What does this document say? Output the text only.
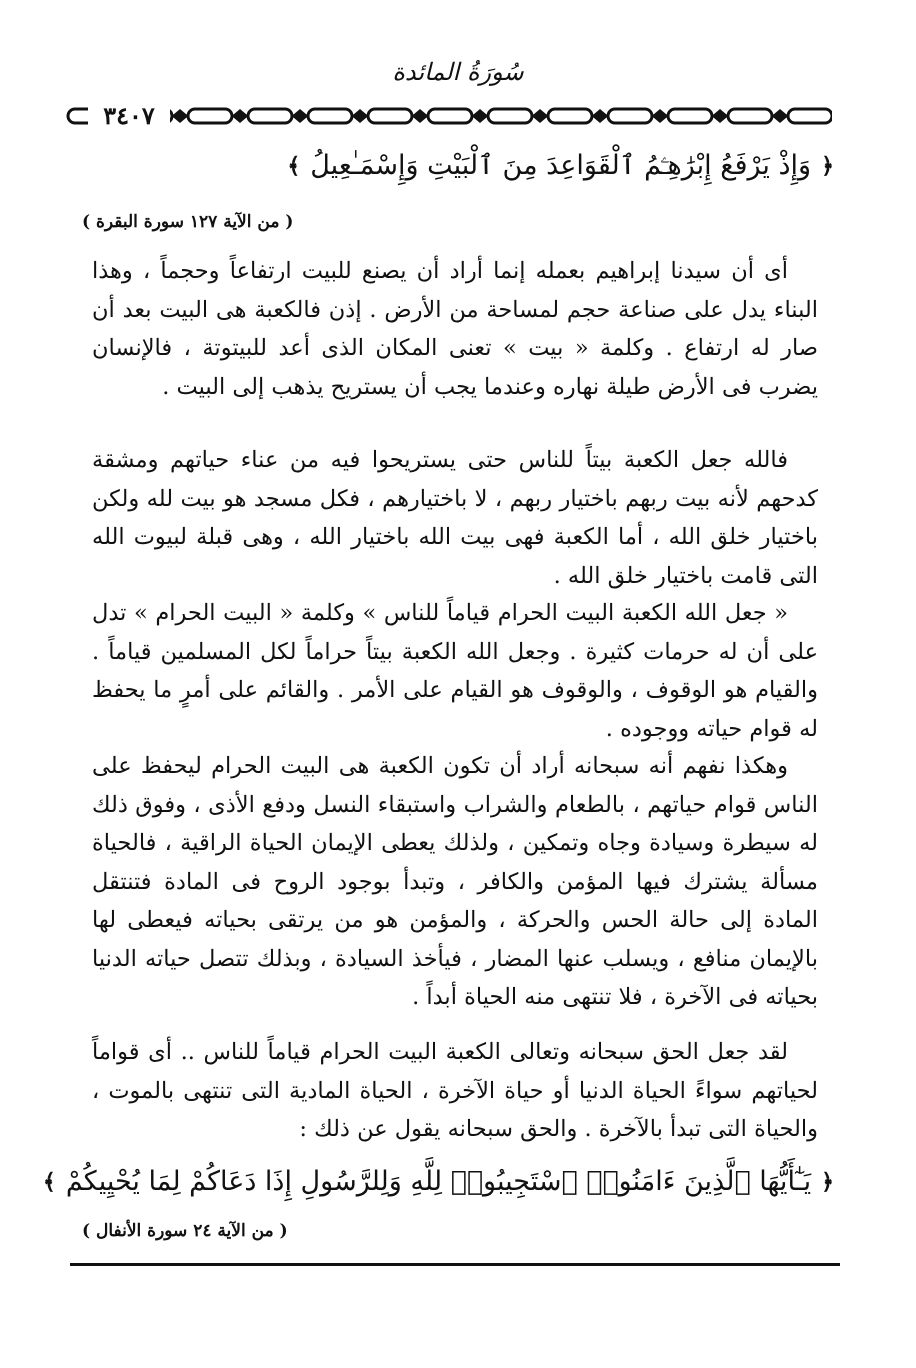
سُورَةُ المائدة
٣٤٠٧
﴿
وَإِذْ يَرْفَعُ إِبْرَٰهِـۧمُ ٱلْقَوَاعِدَ مِنَ ٱلْبَيْتِ وَإِسْمَـٰعِيلُ
﴾
( من الآية ١٢٧ سورة البقرة )

أى أن سيدنا إبراهيم بعمله إنما أراد أن يصنع للبيت ارتفاعاً وحجماً ، وهذا البناء يدل على صناعة حجم لمساحة من الأرض . إذن فالكعبة هى البيت بعد أن صار له ارتفاع . وكلمة « بيت » تعنى المكان الذى أعد للبيتوتة ، فالإنسان يضرب فى الأرض طيلة نهاره وعندما يجب أن يستريح يذهب إلى البيت .

فالله جعل الكعبة بيتاً للناس حتى يستريحوا فيه من عناء حياتهم ومشقة كدحهم لأنه بيت ربهم باختيار ربهم ، لا باختيارهم ، فكل مسجد هو بيت لله ولكن باختيار خلق الله ، أما الكعبة فهى بيت الله باختيار الله ، وهى قبلة لبيوت الله التى قامت باختيار خلق الله .

« جعل الله الكعبة البيت الحرام قياماً للناس » وكلمة « البيت الحرام » تدل على أن له حرمات كثيرة . وجعل الله الكعبة بيتاً حراماً لكل المسلمين قياماً . والقيام هو الوقوف ، والوقوف هو القيام على الأمر . والقائم على أمرٍ ما يحفظ له قوام حياته ووجوده .

وهكذا نفهم أنه سبحانه أراد أن تكون الكعبة هى البيت الحرام ليحفظ على الناس قوام حياتهم ، بالطعام والشراب واستبقاء النسل ودفع الأذى ، وفوق ذلك له سيطرة وسيادة وجاه وتمكين ، ولذلك يعطى الإيمان الحياة الراقية ، فالحياة مسألة يشترك فيها المؤمن والكافر ، وتبدأ بوجود الروح فى المادة فتنتقل المادة إلى حالة الحس والحركة ، والمؤمن هو من يرتقى بحياته فيعطى لها بالإيمان منافع ، ويسلب عنها المضار ، فيأخذ السيادة ، وبذلك تتصل حياته الدنيا بحياته فى الآخرة ، فلا تنتهى منه الحياة أبداً .

لقد جعل الحق سبحانه وتعالى الكعبة البيت الحرام قياماً للناس .. أى قواماً لحياتهم سواءً الحياة الدنيا أو حياة الآخرة ، الحياة المادية التى تنتهى بالموت ، والحياة التى تبدأ بالآخرة . والحق سبحانه يقول عن ذلك :

﴿
يَـٰٓأَيُّهَا ٱلَّذِينَ ءَامَنُوا۟ ٱسْتَجِيبُوا۟ لِلَّهِ وَلِلرَّسُولِ إِذَا دَعَاكُمْ لِمَا يُحْيِيكُمْ
﴾
( من الآية ٢٤ سورة الأنفال )
